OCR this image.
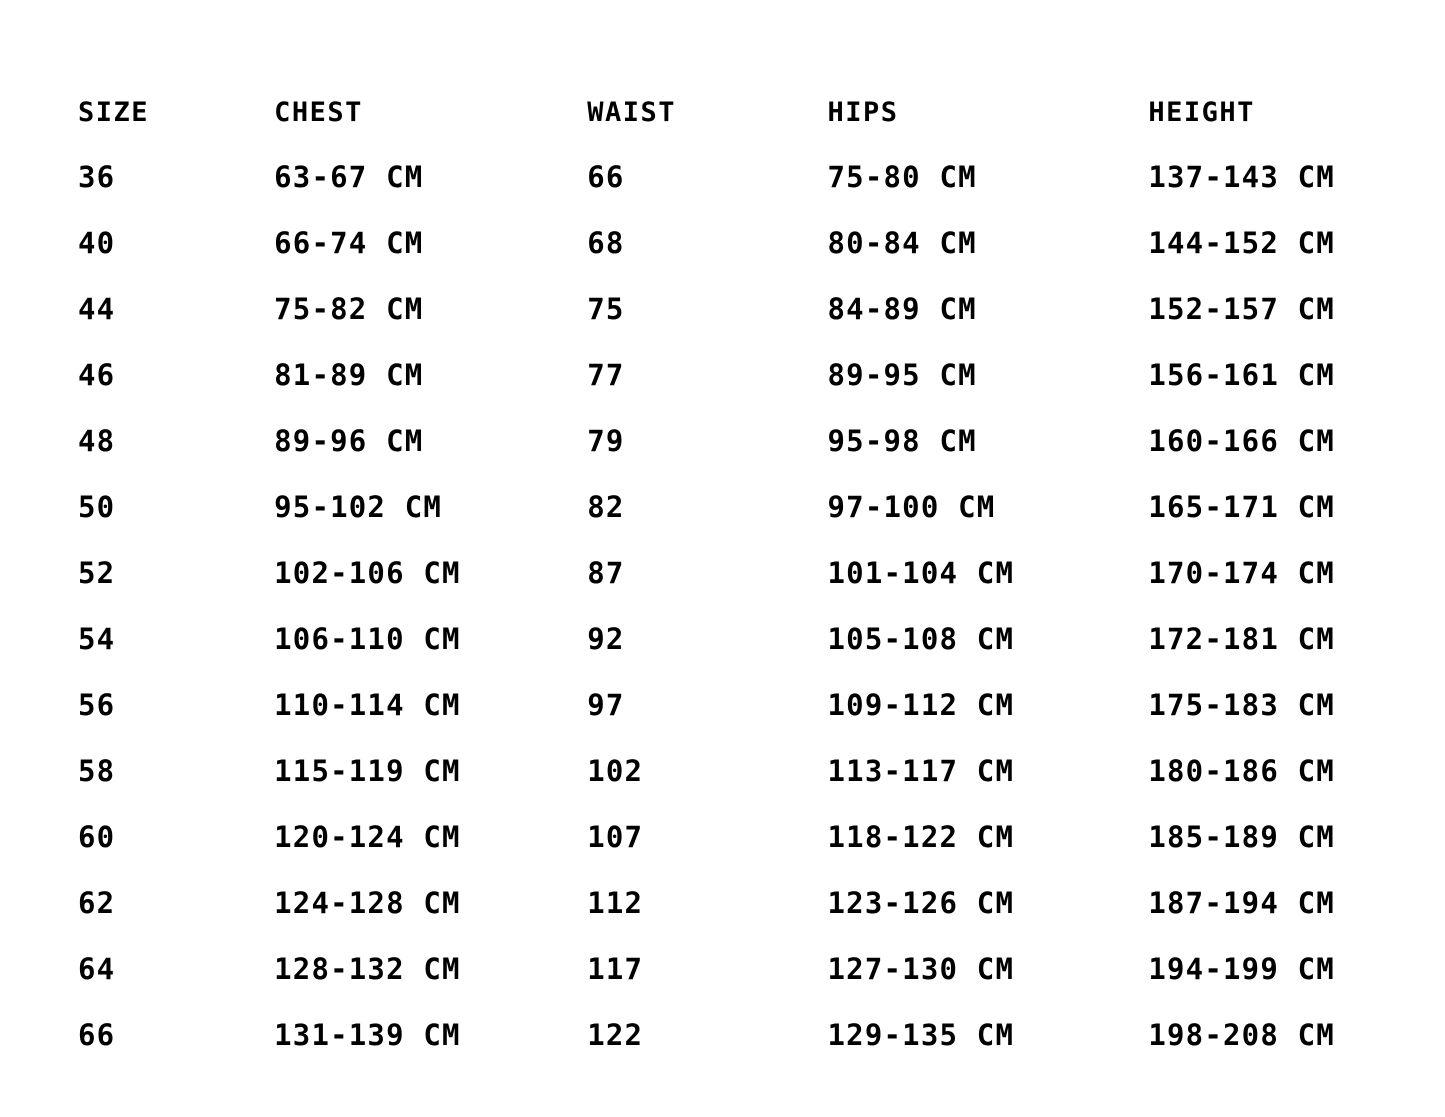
SIZE	CHEST	WAIST	HIPS	HEIGHT
36	63-67 CM	66	75-80 CM	137-143 CM
40	66-74 CM	68	80-84 CM	144-152 CM
44	75-82 CM	75	84-89 CM	152-157 CM
46	81-89 CM	77	89-95 CM	156-161 CM
48	89-96 CM	79	95-98 CM	160-166 CM
50	95-102 CM	82	97-100 CM	165-171 CM
52	102-106 CM	87	101-104 CM	170-174 CM
54	106-110 CM	92	105-108 CM	172-181 CM
56	110-114 CM	97	109-112 CM	175-183 CM
58	115-119 CM	102	113-117 CM	180-186 CM
60	120-124 CM	107	118-122 CM	185-189 CM
62	124-128 CM	112	123-126 CM	187-194 CM
64	128-132 CM	117	127-130 CM	194-199 CM
66	131-139 CM	122	129-135 CM	198-208 CM
